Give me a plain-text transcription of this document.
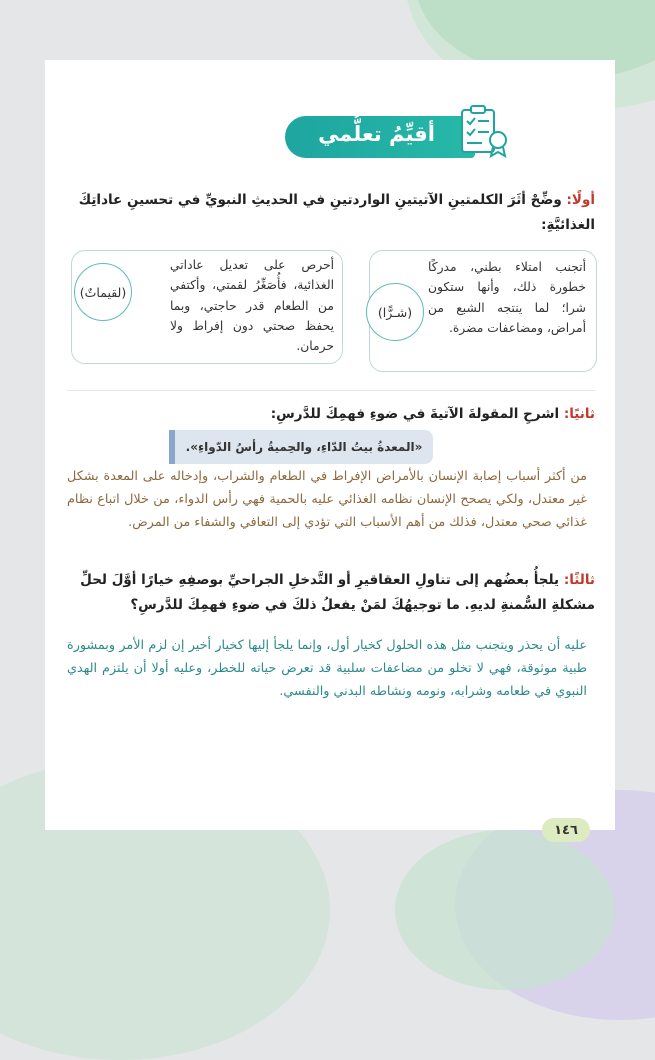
أقيِّمُ تعلُّمي
أولًا: وضِّحْ أثَرَ الكلمتينِ الآتيتينِ الواردتينِ في الحديثِ النبويِّ في تحسينِ عاداتِكَ الغذائيَّةِ:
(شـرًّا)
أتجنب امتلاء بطني، مدركًا خطورة ذلك، وأنها ستكون شرا؛ لما ينتجه الشبع من أمراض، ومضاعفات مضرة.
(لقيماتٌ)
أحرص على تعديل عاداتي الغذائية، فأُصَغِّرُ لقمتي، وأكتفي من الطعام قدر حاجتي، وبما يحفظ صحتي دون إفراط ولا حرمان.
ثانيًا: اشرحِ المقولةَ الآتيةَ في ضوءِ فهمِكَ للدَّرسِ:
«المعدةُ بيتُ الدّاءِ، والحِميةُ رأسُ الدّواءِ».
من أكثر أسباب إصابة الإنسان بالأمراض الإفراط في الطعام والشراب، وإدخاله على المعدة بشكل غير معتدل، ولكي يصحح الإنسان نظامه الغذائي عليه بالحمية فهي رأس الدواء، من خلال اتباع نظام غذائي صحي معتدل، فذلك من أهم الأسباب التي تؤدي إلى التعافي والشفاء من المرض.
ثالثًا: يلجأُ بعضُهم إلى تناولِ العقاقيرِ أو التَّدخلِ الجراحيِّ بوصفِهِ خيارًا أوَّلَ لحلِّ مشكلةِ السُّمنةِ لديهِ. ما توجيهُكَ لمَنْ يفعلُ ذلكَ في ضوءِ فهمِكَ للدَّرسِ؟
عليه أن يحذر ويتجنب مثل هذه الحلول كخيار أول، وإنما يلجأ إليها كخيار أخير إن لزم الأمر وبمشورة طبية موثوقة، فهي لا تخلو من مضاعفات سلبية قد تعرض حياته للخطر، وعليه أولا أن يلتزم الهدي النبوي في طعامه وشرابه، ونومه ونشاطه البدني والنفسي.
١٤٦
